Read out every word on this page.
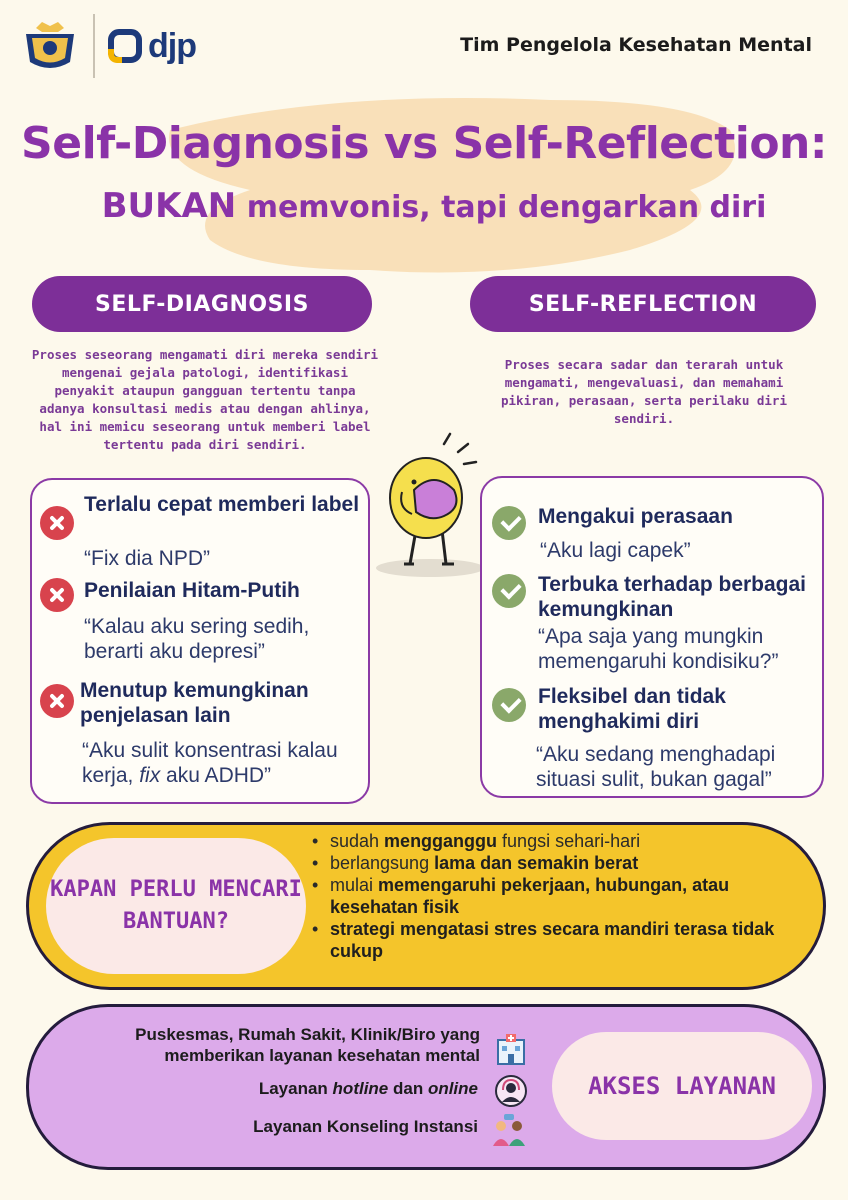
djp	Tim Pengelola Kesehatan Mental
Self-Diagnosis vs Self-Reflection:
BUKAN memvonis, tapi dengarkan diri
SELF-DIAGNOSIS	SELF-REFLECTION
Proses seseorang mengamati diri mereka sendiri mengenai gejala patologi, identifikasi penyakit ataupun gangguan tertentu tanpa adanya konsultasi medis atau dengan ahlinya, hal ini memicu seseorang untuk memberi label tertentu pada diri sendiri.
Proses secara sadar dan terarah untuk mengamati, mengevaluasi, dan memahami pikiran, perasaan, serta perilaku diri sendiri.
Terlalu cepat memberi label
“Fix dia NPD”
Penilaian Hitam-Putih
“Kalau aku sering sedih, berarti aku depresi”
Menutup kemungkinan penjelasan lain
“Aku sulit konsentrasi kalau kerja, fix aku ADHD”
Mengakui perasaan
“Aku lagi capek”
Terbuka terhadap berbagai kemungkinan
“Apa saja yang mungkin memengaruhi kondisiku?”
Fleksibel dan tidak menghakimi diri
“Aku sedang menghadapi situasi sulit, bukan gagal”
KAPAN PERLU MENCARI BANTUAN?
• sudah mengganggu fungsi sehari-hari
• berlangsung lama dan semakin berat
• mulai memengaruhi pekerjaan, hubungan, atau kesehatan fisik
• strategi mengatasi stres secara mandiri terasa tidak cukup
Puskesmas, Rumah Sakit, Klinik/Biro yang memberikan layanan kesehatan mental
Layanan hotline dan online
Layanan Konseling Instansi
AKSES LAYANAN
